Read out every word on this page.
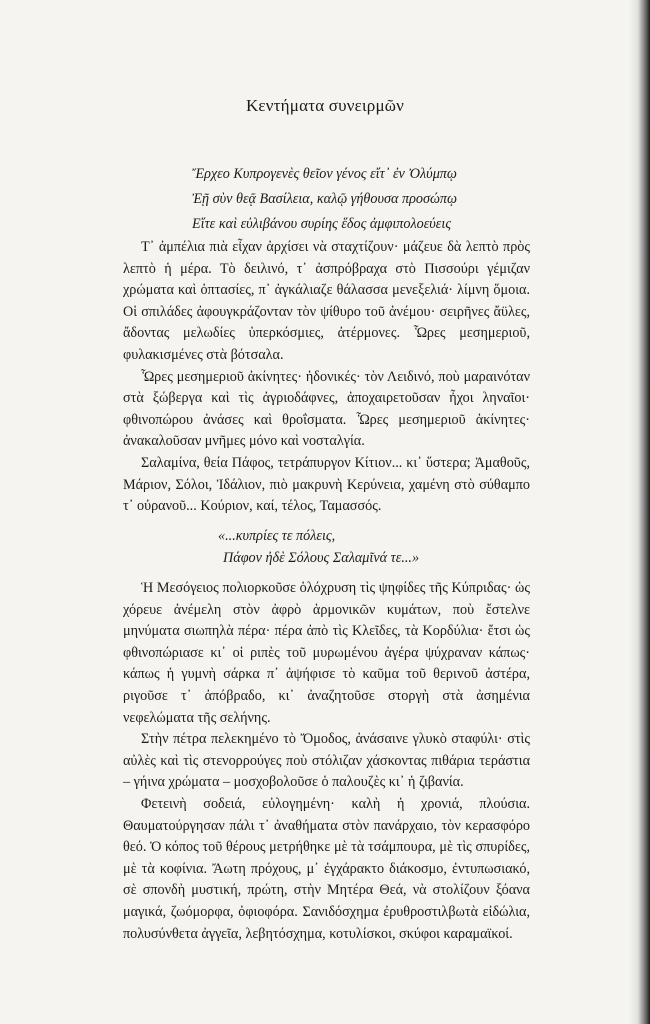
Κεντήματα συνειρμῶν
Ἔρχεο Κυπρογενὲς θεῖον γένος εἴτ᾽ ἐν Ὀλύμπῳ
Ἐῇ σὺν θεᾷ Βασίλεια, καλῷ γήθουσα προσώπῳ
Εἴτε καὶ εὐλιβάνου συρίης ἕδος ἀμφιπολοεύεις

Τ᾽ ἀμπέλια πιὰ εἶχαν ἀρχίσει νὰ σταχτίζουν· μάζευε δὰ λεπτὸ πρὸς λεπτὸ ἡ μέρα. Τὸ δειλινό, τ᾽ ἀσπρόβραχα στὸ Πισσούρι γέμιζαν χρώματα καὶ ὀπτασίες, π᾽ ἀγκάλιαζε θάλασσα μενεξελιά· λίμνη ὅμοια. Οἱ σπιλάδες ἀφουγκράζονταν τὸν ψίθυρο τοῦ ἀνέμου· σειρῆνες ἄϋλες, ἄδοντας μελωδίες ὑπερκόσμιες, ἀτέρμονες. Ὧρες μεσημεριοῦ, φυλακισμένες στὰ βότσαλα.

Ὧρες μεσημεριοῦ ἀκίνητες· ἡδονικές· τὸν Λειδινό, ποὺ μαραινόταν στὰ ξώβεργα καὶ τὶς ἀγριοδάφνες, ἀποχαιρετοῦσαν ἦχοι ληναῖοι· φθινοπώρου ἀνάσες καὶ θροΐσματα. Ὧρες μεσημεριοῦ ἀκίνητες· ἀνακαλοῦσαν μνῆμες μόνο καὶ νοσταλγία.

Σαλαμίνα, θεία Πάφος, τετράπυργον Κίτιον... κι᾽ ὕστερα; Ἀμαθοῦς, Μάριον, Σόλοι, Ἰδάλιον, πιὸ μακρυνὴ Κερύνεια, χαμένη στὸ σύθαμπο τ᾽ οὐρανοῦ... Κούριον, καί, τέλος, Ταμασσός.

«...κυπρίες τε πόλεις,
Πάφον ἠδὲ Σόλους Σαλαμῖνά τε...»

Ἡ Μεσόγειος πολιορκοῦσε ὁλόχρυση τὶς ψηφίδες τῆς Κύπριδας· ὡς χόρευε ἀνέμελη στὸν ἀφρὸ ἁρμονικῶν κυμάτων, ποὺ ἔστελνε μηνύματα σιωπηλὰ πέρα· πέρα ἀπὸ τὶς Κλεῖδες, τὰ Κορδύλια· ἔτσι ὡς φθινοπώριασε κι᾽ οἱ ριπὲς τοῦ μυρωμένου ἀγέρα ψύχραναν κάπως· κάπως ἡ γυμνὴ σάρκα π᾽ ἀψήφισε τὸ καῦμα τοῦ θεριvοῦ ἀστέρα, ριγοῦσε τ᾽ ἀπόβραδο, κι᾽ ἀναζητοῦσε στοργὴ στὰ ἀσημένια νεφελώματα τῆς σελήνης.

Στὴν πέτρα πελεκημένο τὸ Ὄμοδος, ἀνάσαινε γλυκὸ σταφύλι· στὶς αὐλὲς καὶ τὶς στενορρούγες ποὺ στόλιζαν χάσκοντας πιθάρια τεράστια – γήινα χρώματα – μοσχοβολοῦσε ὁ παλουζὲς κι᾽ ἡ ζιβανία.

Φετεινὴ σοδειά, εὐλογημένη· καλὴ ἡ χρονιά, πλούσια. Θαυματούργησαν πάλι τ᾽ ἀναθήματα στὸν πανάρχαιο, τὸν κερασφόρο θεό. Ὁ κόπος τοῦ θέρους μετρήθηκε μὲ τὰ τσάμπουρα, μὲ τὶς σπυρίδες, μὲ τὰ κοφίνια. Ἄωτη πρόχους, μ᾽ ἐγχάρακτο διάκοσμο, ἐντυπωσιακό, σὲ σπονδὴ μυστική, πρώτη, στὴν Μητέρα Θεά, νὰ στολίζουν ξόανα μαγικά, ζωόμορφα, ὀφιοφόρα. Σανιδόσχημα ἐρυθροστιλβωτὰ εἰδώλια, πολυσύνθετα ἀγγεῖα, λεβητόσχημα, κοτυλίσκοι, σκύφοι καραμαϊκοί.
